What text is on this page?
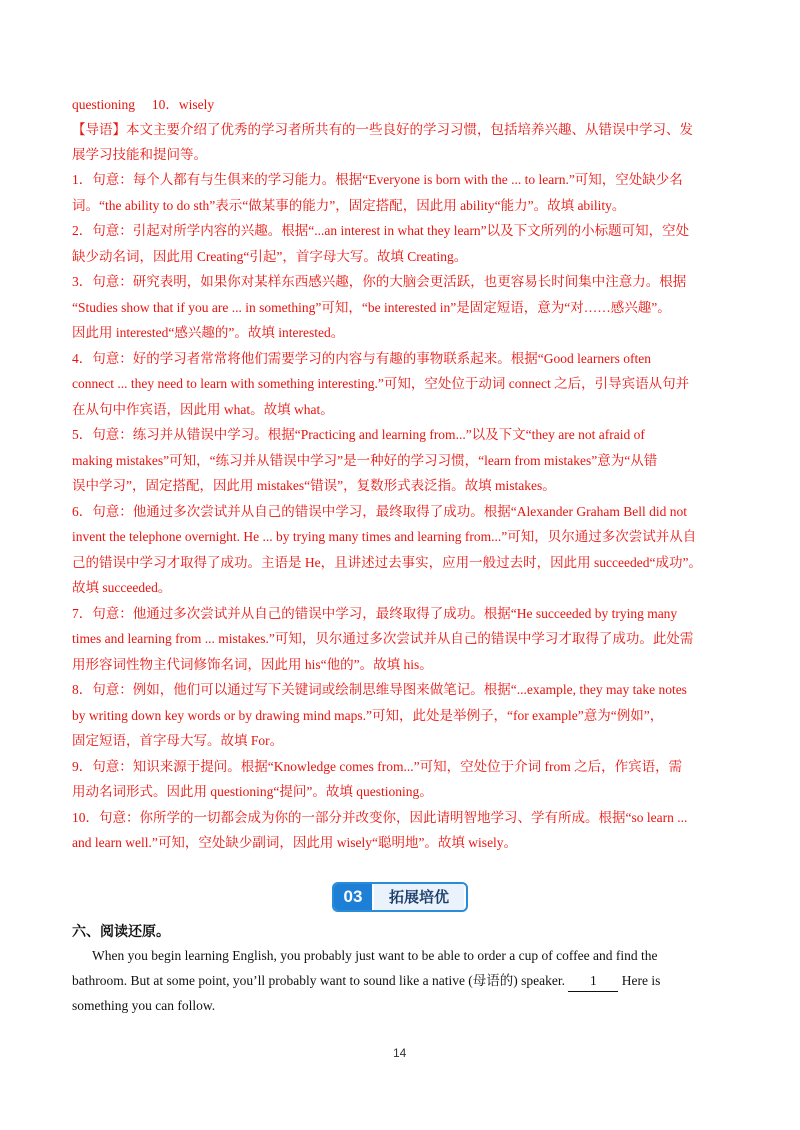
questioning  10．wisely
【导语】本文主要介绍了优秀的学习者所共有的一些良好的学习习惯，包括培养兴趣、从错误中学习、发
展学习技能和提问等。
1．句意：每个人都有与生俱来的学习能力。根据“Everyone is born with the ... to learn.”可知，空处缺少名
词。“the ability to do sth”表示“做某事的能力”，固定搭配，因此用 ability“能力”。故填 ability。
2．句意：引起对所学内容的兴趣。根据“...an interest in what they learn”以及下文所列的小标题可知，空处
缺少动名词，因此用 Creating“引起”，首字母大写。故填 Creating。
3．句意：研究表明，如果你对某样东西感兴趣，你的大脑会更活跃，也更容易长时间集中注意力。根据
“Studies show that if you are ... in something”可知，“be interested in”是固定短语，意为“对……感兴趣”。
因此用 interested“感兴趣的”。故填 interested。
4．句意：好的学习者常常将他们需要学习的内容与有趣的事物联系起来。根据“Good learners often
connect ... they need to learn with something interesting.”可知，空处位于动词 connect 之后，引导宾语从句并
在从句中作宾语，因此用 what。故填 what。
5．句意：练习并从错误中学习。根据“Practicing and learning from...”以及下文“they are not afraid of
making mistakes”可知，“练习并从错误中学习”是一种好的学习习惯，“learn from mistakes”意为“从错
误中学习”，固定搭配，因此用 mistakes“错误”，复数形式表泛指。故填 mistakes。
6．句意：他通过多次尝试并从自己的错误中学习，最终取得了成功。根据“Alexander Graham Bell did not
invent the telephone overnight. He ... by trying many times and learning from...”可知，贝尔通过多次尝试并从自
己的错误中学习才取得了成功。主语是 He，且讲述过去事实，应用一般过去时，因此用 succeeded“成功”。
故填 succeeded。
7．句意：他通过多次尝试并从自己的错误中学习，最终取得了成功。根据“He succeeded by trying many
times and learning from ... mistakes.”可知，贝尔通过多次尝试并从自己的错误中学习才取得了成功。此处需
用形容词性物主代词修饰名词，因此用 his“他的”。故填 his。
8．句意：例如，他们可以通过写下关键词或绘制思维导图来做笔记。根据“...example, they may take notes
by writing down key words or by drawing mind maps.”可知，此处是举例子，“for example”意为“例如”，
固定短语，首字母大写。故填 For。
9．句意：知识来源于提问。根据“Knowledge comes from...”可知，空处位于介词 from 之后，作宾语，需
用动名词形式。因此用 questioning“提问”。故填 questioning。
10．句意：你所学的一切都会成为你的一部分并改变你，因此请明智地学习、学有所成。根据“so learn ...
and learn well.”可知，空处缺少副词，因此用 wisely“聪明地”。故填 wisely。
03	拓展培优
六、阅读还原。
When you begin learning English, you probably just want to be able to order a cup of coffee and find the
bathroom. But at some point, you’ll probably want to sound like a native (母语的) speaker. 1 Here is
something you can follow.
14
